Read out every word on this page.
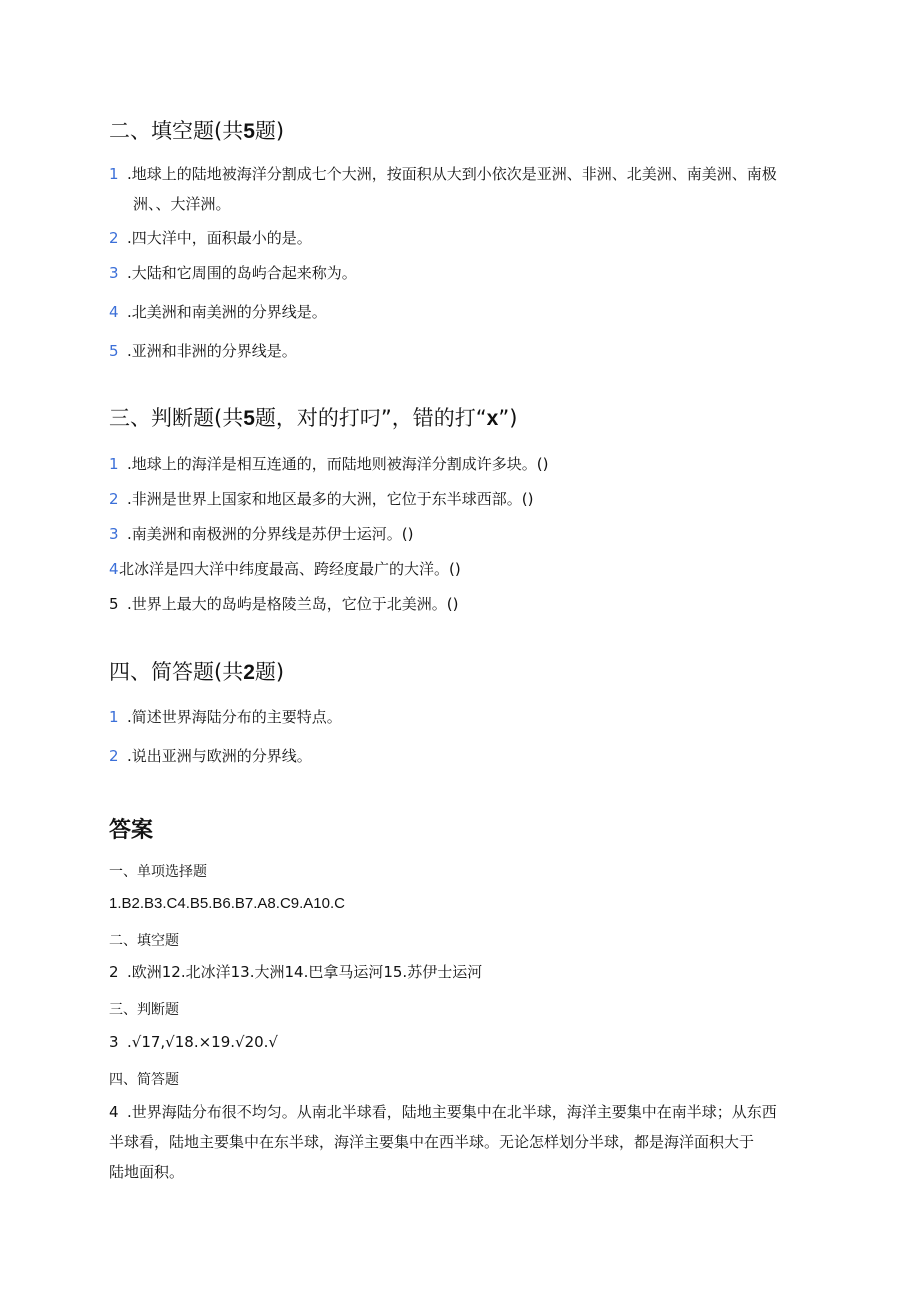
二、填空题(共5题)
1 .地球上的陆地被海洋分割成七个大洲，按面积从大到小依次是亚洲、非洲、北美洲、南美洲、南极
洲、、大洋洲。
2 .四大洋中，面积最小的是。
3 .大陆和它周围的岛屿合起来称为。
4 .北美洲和南美洲的分界线是。
5 .亚洲和非洲的分界线是。
三、判断题(共5题，对的打叼”，错的打“x”)
1 .地球上的海洋是相互连通的，而陆地则被海洋分割成许多块。()
2 .非洲是世界上国家和地区最多的大洲，它位于东半球西部。()
3 .南美洲和南极洲的分界线是苏伊士运河。()
4北冰洋是四大洋中纬度最高、跨经度最广的大洋。()
5 .世界上最大的岛屿是格陵兰岛，它位于北美洲。()
四、简答题(共2题)
1 .简述世界海陆分布的主要特点。
2 .说出亚洲与欧洲的分界线。
答案
一、单项选择题
1.B2.B3.C4.B5.B6.B7.A8.C9.A10.C
二、填空题
2 .欧洲12.北冰洋13.大洲14.巴拿马运河15.苏伊士运河
三、判断题
3 .√17,√18.×19.√20.√
四、简答题
4 .世界海陆分布很不均匀。从南北半球看，陆地主要集中在北半球，海洋主要集中在南半球；从东西
半球看，陆地主要集中在东半球，海洋主要集中在西半球。无论怎样划分半球，都是海洋面积大于
陆地面积。
